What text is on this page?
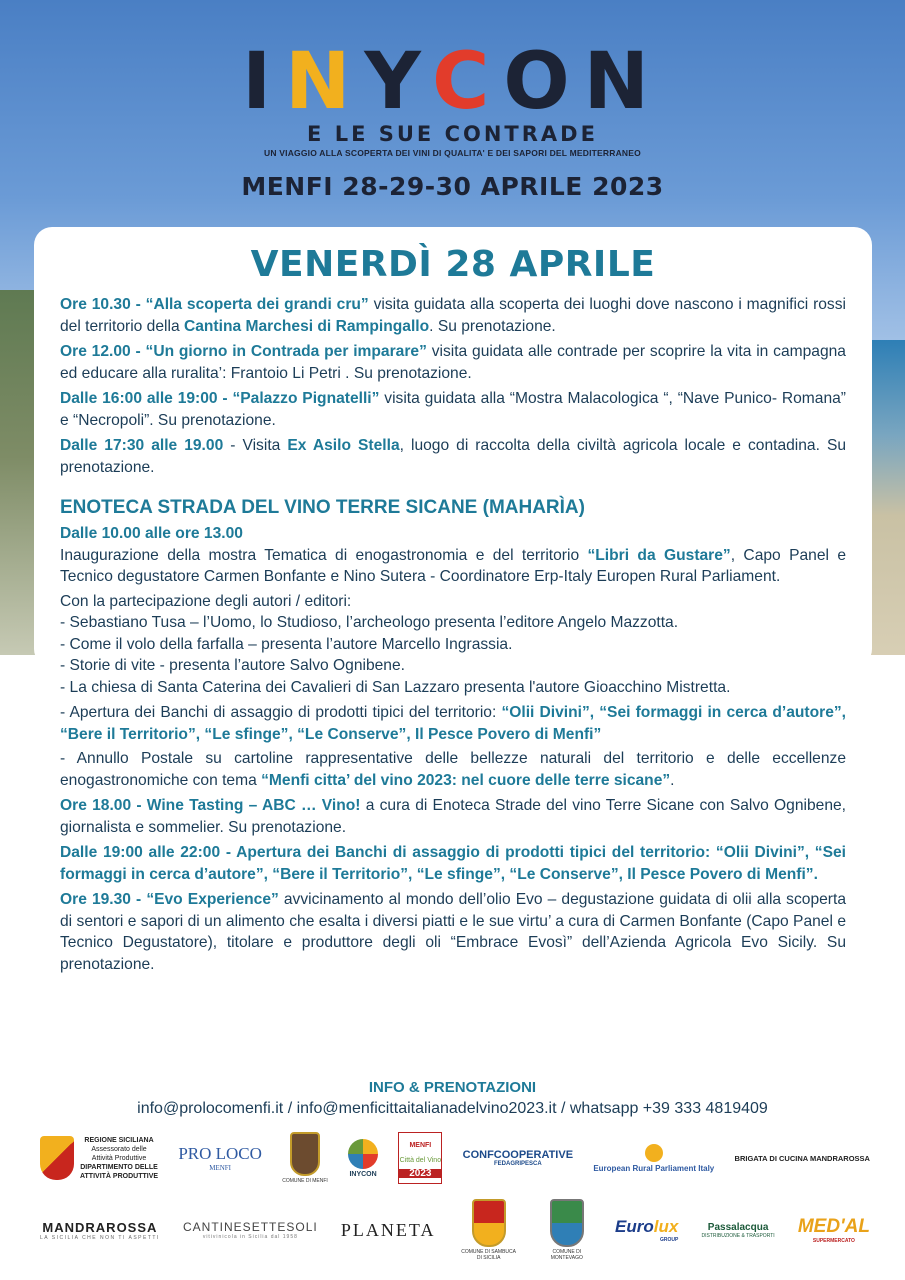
INYCON
E LE SUE CONTRADE
UN VIAGGIO ALLA SCOPERTA DEI VINI DI QUALITA' E DEI SAPORI DEL MEDITERRANEO
MENFI 28-29-30 APRILE 2023
VENERDÌ 28 APRILE

Ore 10.30 - “Alla scoperta dei grandi cru” visita guidata alla scoperta dei luoghi dove nascono i magnifici rossi del territorio della Cantina Marchesi di Rampingallo. Su prenotazione.

Ore 12.00 - “Un giorno in Contrada per imparare” visita guidata alle contrade per scoprire la vita in campagna ed educare alla ruralita’: Frantoio Li Petri . Su prenotazione.

Dalle 16:00 alle 19:00 - “Palazzo Pignatelli” visita guidata alla “Mostra Malacologica “, “Nave Punico- Romana” e “Necropoli”. Su prenotazione.

Dalle 17:30 alle 19.00 - Visita Ex Asilo Stella, luogo di raccolta della civiltà agricola locale e contadina. Su prenotazione.

ENOTECA STRADA DEL VINO TERRE SICANE (MAHARÌA)
Dalle 10.00 alle ore 13.00

Inaugurazione della mostra Tematica di enogastronomia e del territorio “Libri da Gustare”, Capo Panel e Tecnico degustatore Carmen Bonfante e Nino Sutera - Coordinatore Erp-Italy Europen Rural Parliament.

Con la partecipazione degli autori / editori:
- Sebastiano Tusa – l’Uomo, lo Studioso, l’archeologo presenta l’editore Angelo Mazzotta.
- Come il volo della farfalla – presenta l’autore Marcello Ingrassia.
- Storie di vite - presenta l’autore Salvo Ognibene.
- La chiesa di Santa Caterina dei Cavalieri di San Lazzaro presenta l'autore Gioacchino Mistretta.

- Apertura dei Banchi di assaggio di prodotti tipici del territorio: “Olii Divini”, “Sei formaggi in cerca d’autore”, “Bere il Territorio”, “Le sfinge”, “Le Conserve”, Il Pesce Povero di Menfi”

- Annullo Postale su cartoline rappresentative delle bellezze naturali del territorio e delle eccellenze enogastronomiche con tema “Menfi citta’ del vino 2023: nel cuore delle terre sicane”.

Ore 18.00 - Wine Tasting – ABC … Vino! a cura di Enoteca Strade del vino Terre Sicane con Salvo Ognibene, giornalista e sommelier. Su prenotazione.

Dalle 19:00 alle 22:00 - Apertura dei Banchi di assaggio di prodotti tipici del territorio: “Olii Divini”, “Sei formaggi in cerca d’autore”, “Bere il Territorio”, “Le sfinge”, “Le Conserve”, Il Pesce Povero di Menfi”.

Ore 19.30 - “Evo Experience” avvicinamento al mondo dell’olio Evo – degustazione guidata di olii alla scoperta di sentori e sapori di un alimento che esalta i diversi piatti e le sue virtu’ a cura di Carmen Bonfante (Capo Panel e Tecnico Degustatore), titolare e produttore degli oli “Embrace Evosì” dell’Azienda Agricola Evo Sicily. Su prenotazione.

INFO & PRENOTAZIONI
info@prolocomenfi.it / info@menficittaitalianadelvino2023.it / whatsapp +39 333 4819409
REGIONE SICILIANA
Assessorato delle
Attività Produttive
DIPARTIMENTO DELLE
ATTIVITÀ PRODUTTIVE
PRO LOCO
MENFI
COMUNE DI MENFI
INYCON
MENFI
Città del Vino
2023
CONFCOOPERATIVE
FEDAGRIPESCA	European Rural Parliament Italy
BRIGATA DI CUCINA MANDRAROSSA
MANDRAROSSA
LA SICILIA CHE NON TI ASPETTI
CANTINESETTESOLI
vitivinicola in Sicilia dal 1958 PLANETA
COMUNE DI SAMBUCA DI SICILIA
COMUNE DI MONTEVAGO
Eurolux
GROUP
Passalacqua
DISTRIBUZIONE & TRASPORTI MED'AL
SUPERMERCATO
